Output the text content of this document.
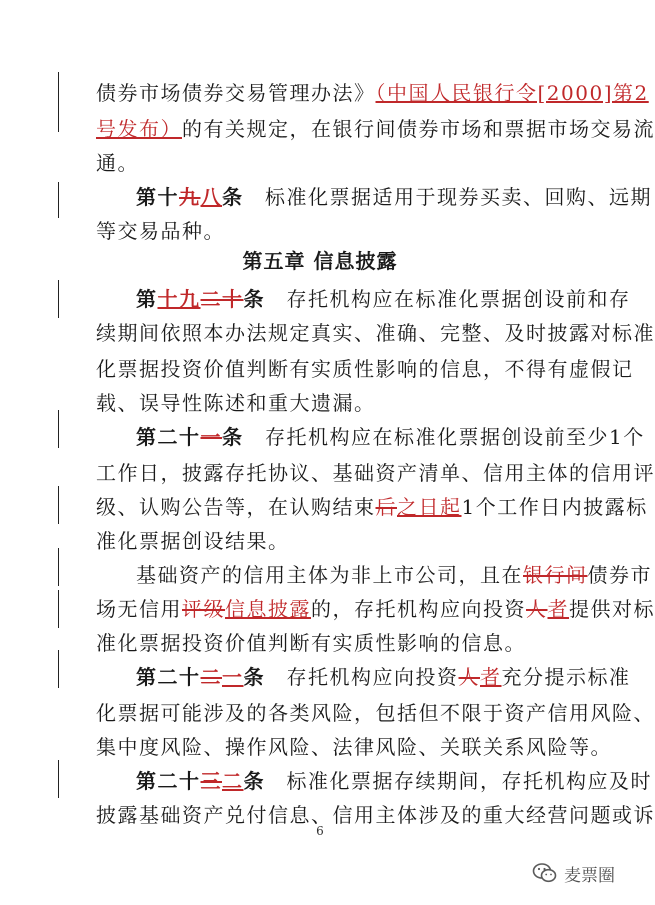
债券市场债券交易管理办法》（中国人民银行令[2000]第2
号发布）的有关规定，在银行间债券市场和票据市场交易流
通。
第十九八条　标准化票据适用于现券买卖、回购、远期
等交易品种。
第十九二十条　存托机构应在标准化票据创设前和存
续期间依照本办法规定真实、准确、完整、及时披露对标准
化票据投资价值判断有实质性影响的信息，不得有虚假记
载、误导性陈述和重大遗漏。
第二十一条　存托机构应在标准化票据创设前至少1个
工作日，披露存托协议、基础资产清单、信用主体的信用评
级、认购公告等，在认购结束后之日起1个工作日内披露标
准化票据创设结果。
基础资产的信用主体为非上市公司，且在银行间债券市
场无信用评级信息披露的，存托机构应向投资人者提供对标
准化票据投资价值判断有实质性影响的信息。
第二十二一条　存托机构应向投资人者充分提示标准
化票据可能涉及的各类风险，包括但不限于资产信用风险、
集中度风险、操作风险、法律风险、关联关系风险等。
第二十三二条　标准化票据存续期间，存托机构应及时
披露基础资产兑付信息、信用主体涉及的重大经营问题或诉
第五章 信息披露
6
麦票圈
